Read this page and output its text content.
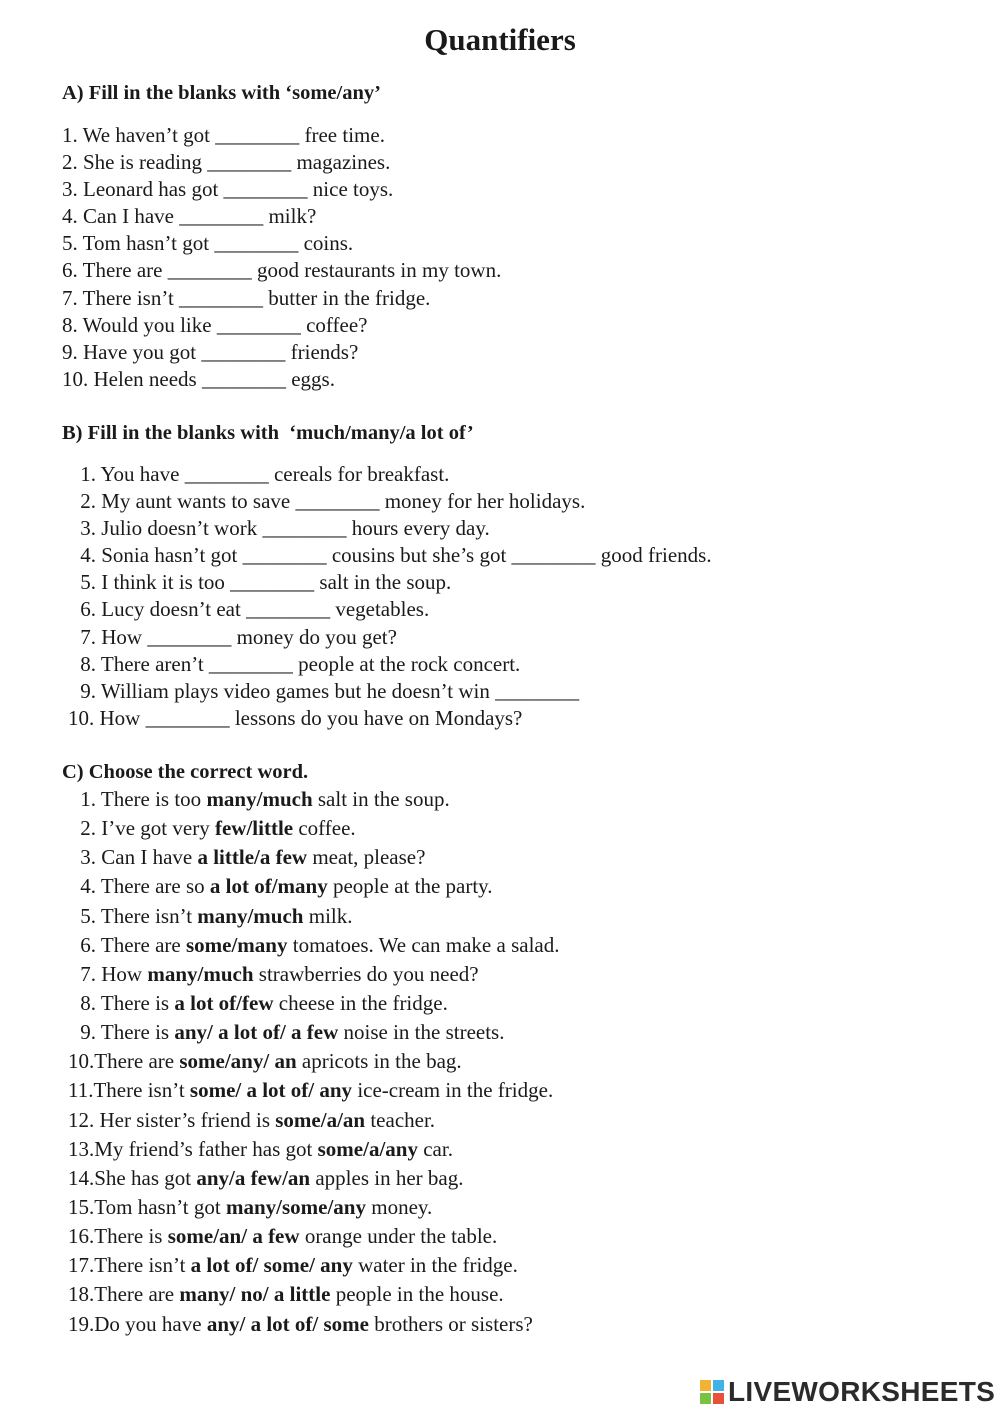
Quantifiers
A) Fill in the blanks with ‘some/any’
1. We haven’t got ________ free time.
2. She is reading ________ magazines.
3. Leonard has got ________ nice toys.
4. Can I have ________ milk?
5. Tom hasn’t got ________ coins.
6. There are ________ good restaurants in my town.
7. There isn’t ________ butter in the fridge.
8. Would you like ________ coffee?
9. Have you got ________ friends?
10. Helen needs ________ eggs.
B) Fill in the blanks with  ‘much/many/a lot of’
1. You have ________ cereals for breakfast.
2. My aunt wants to save ________ money for her holidays.
3. Julio doesn’t work ________ hours every day.
4. Sonia hasn’t got ________ cousins but she’s got ________ good friends.
5. I think it is too ________ salt in the soup.
6. Lucy doesn’t eat ________ vegetables.
7. How ________ money do you get?
8. There aren’t ________ people at the rock concert.
9. William plays video games but he doesn’t win ________
10. How ________ lessons do you have on Mondays?
C) Choose the correct word.
1. There is too many/much salt in the soup.
2. I’ve got very few/little coffee.
3. Can I have a little/a few meat, please?
4. There are so a lot of/many people at the party.
5. There isn’t many/much milk.
6. There are some/many tomatoes. We can make a salad.
7. How many/much strawberries do you need?
8. There is a lot of/few cheese in the fridge.
9. There is any/ a lot of/ a few noise in the streets.
10.There are some/any/ an apricots in the bag.
11.There isn’t some/ a lot of/ any ice-cream in the fridge.
12. Her sister’s friend is some/a/an teacher.
13.My friend’s father has got some/a/any car.
14.She has got any/a few/an apples in her bag.
15.Tom hasn’t got many/some/any money.
16.There is some/an/ a few orange under the table.
17.There isn’t a lot of/ some/ any water in the fridge.
18.There are many/ no/ a little people in the house.
19.Do you have any/ a lot of/ some brothers or sisters?
LIVEWORKSHEETS
